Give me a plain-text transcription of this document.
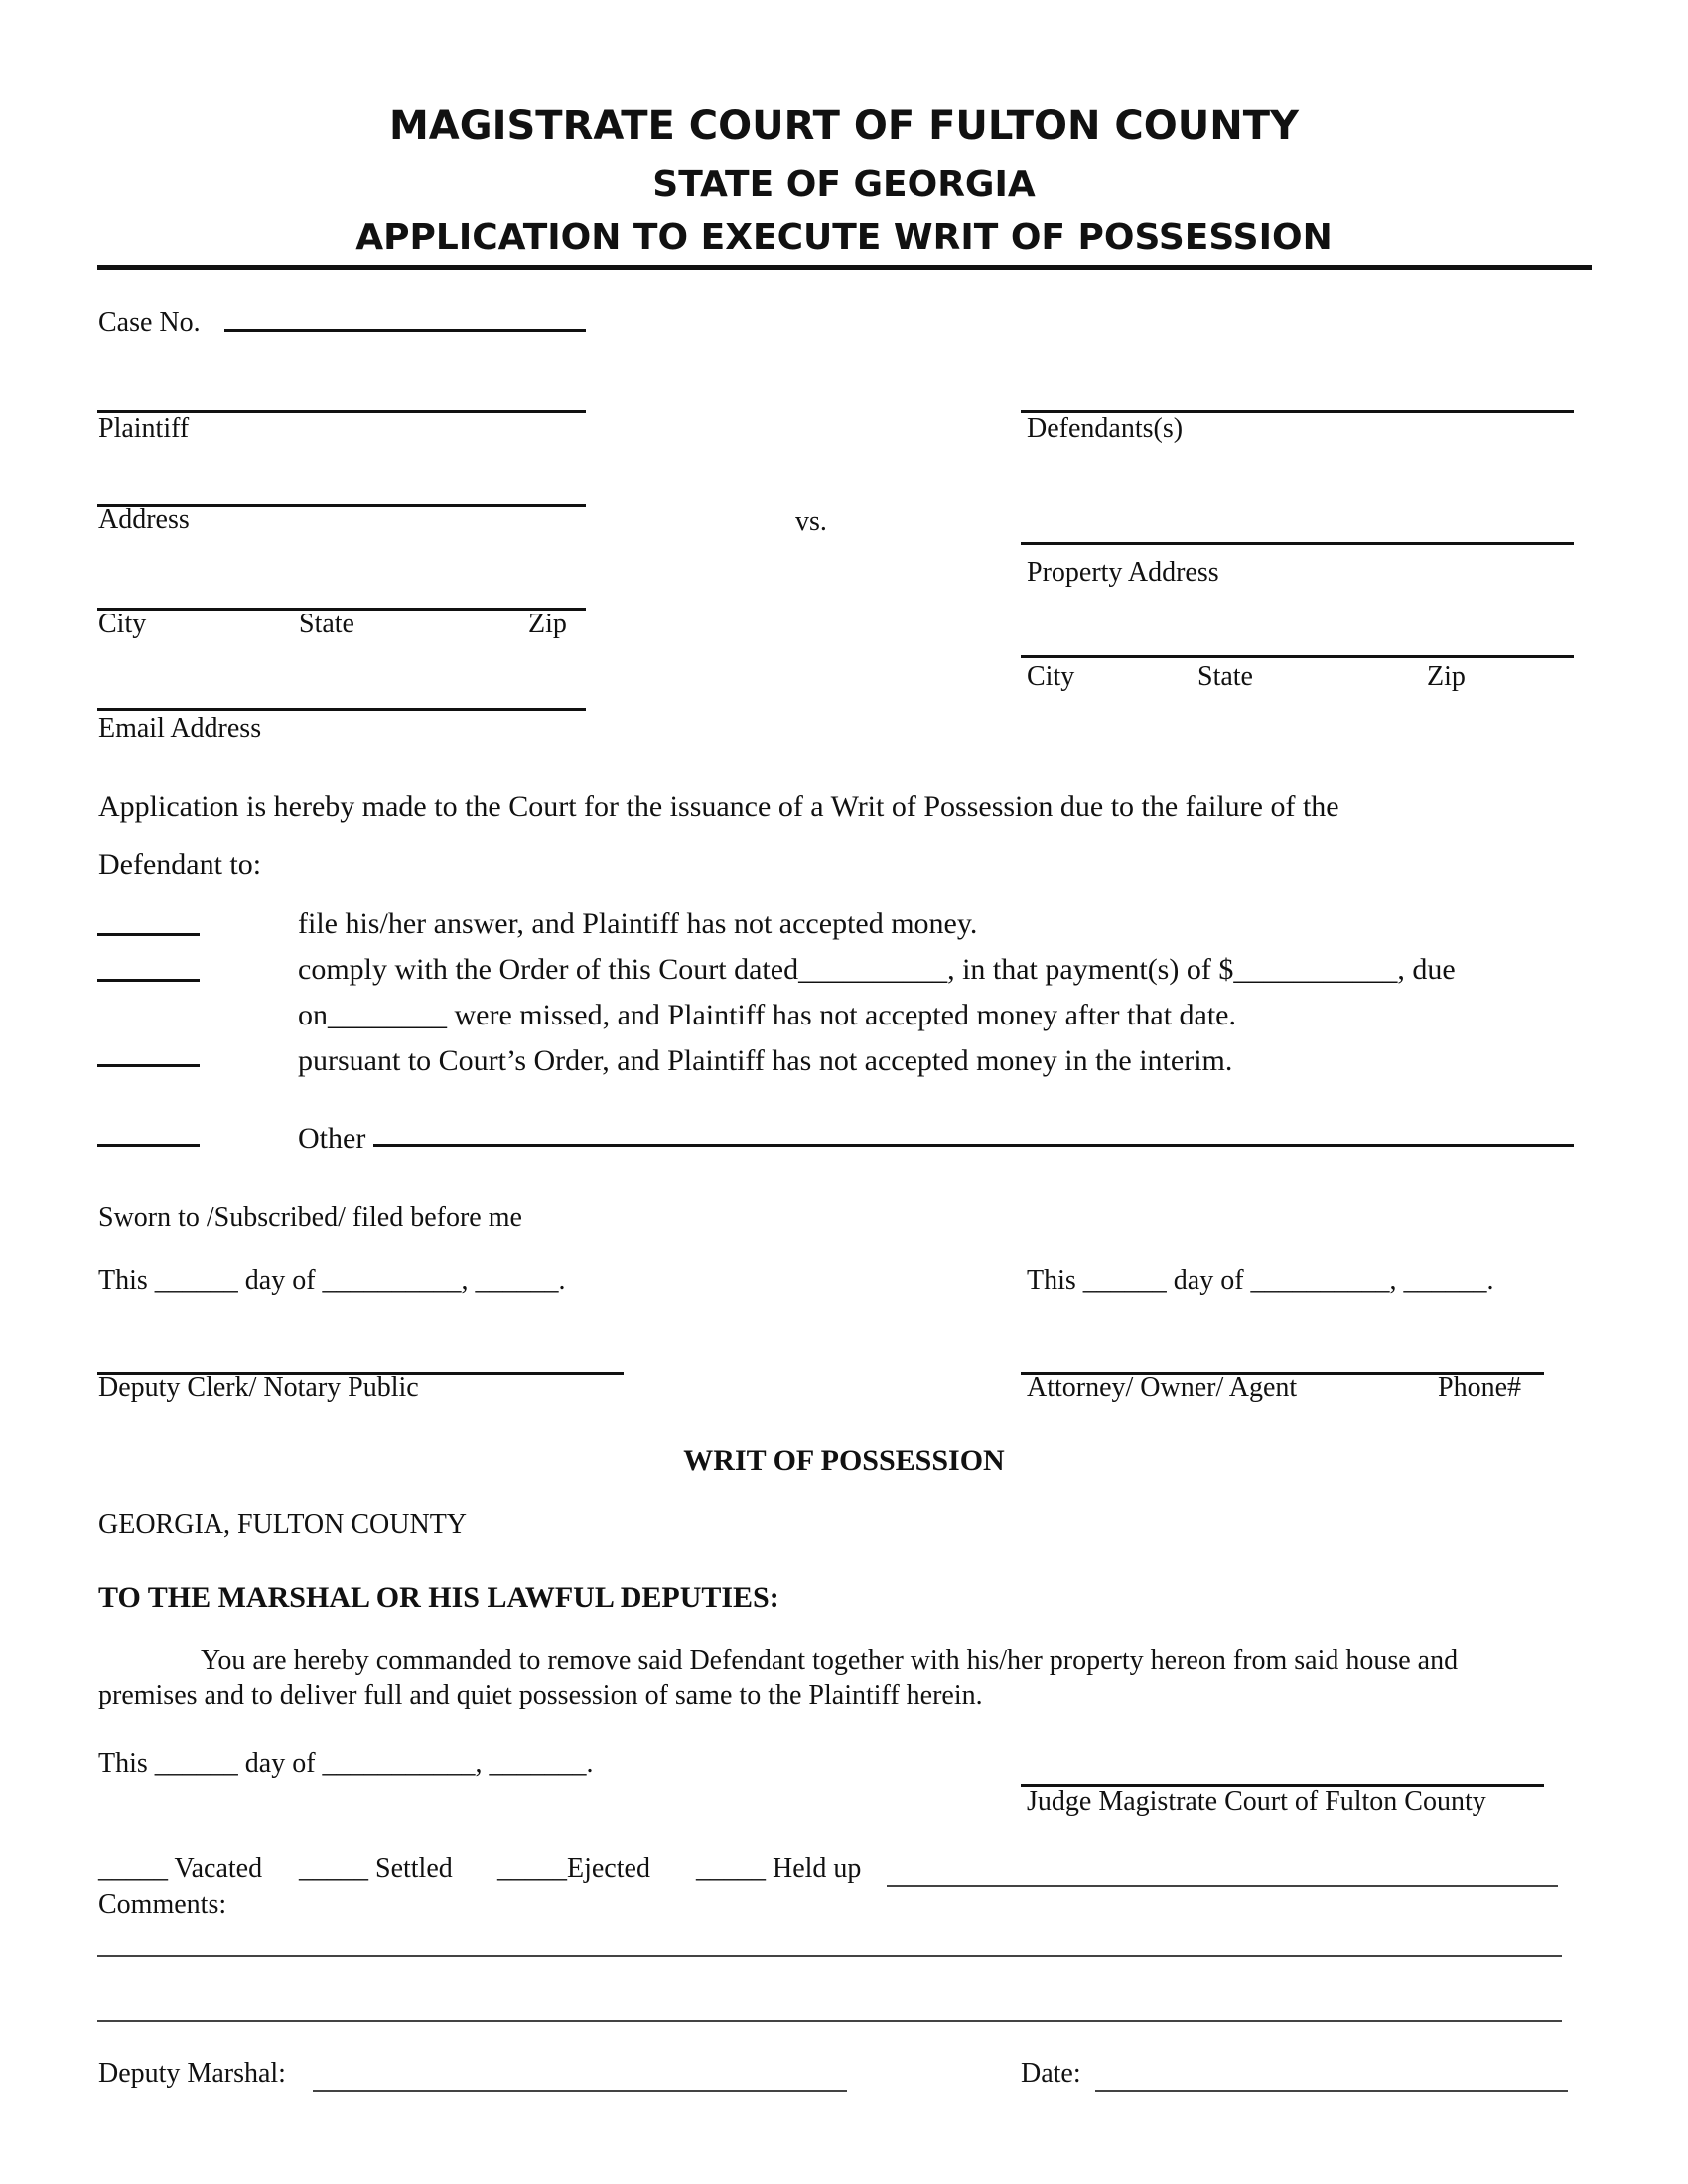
MAGISTRATE COURT OF FULTON COUNTY
STATE OF GEORGIA
APPLICATION TO EXECUTE WRIT OF POSSESSION
Case No.
Plaintiff
Address
City	State	Zip
Email Address
vs.
Defendants(s)
Property Address
City	State	Zip
Application is hereby made to the Court for the issuance of a Writ of Possession due to the failure of the
Defendant to:
file his/her answer, and Plaintiff has not accepted money.
comply with the Order of this Court dated__________, in that payment(s) of $___________, due
on________ were missed, and Plaintiff has not accepted money after that date.
pursuant to Court’s Order, and Plaintiff has not accepted money in the interim.
Other
Sworn to /Subscribed/ filed before me
This ______ day of __________, ______.	This ______ day of __________, ______.
Deputy Clerk/ Notary Public	Attorney/ Owner/ Agent	Phone#
WRIT OF POSSESSION
GEORGIA, FULTON COUNTY
TO THE MARSHAL OR HIS LAWFUL DEPUTIES:
You are hereby commanded to remove said Defendant together with his/her property hereon from said house and
premises and to deliver full and quiet possession of same to the Plaintiff herein.
This ______ day of ___________, _______.
Judge Magistrate Court of Fulton County
_____ Vacated _____ Settled _____Ejected _____ Held up
Comments:
Deputy Marshal:	Date:
